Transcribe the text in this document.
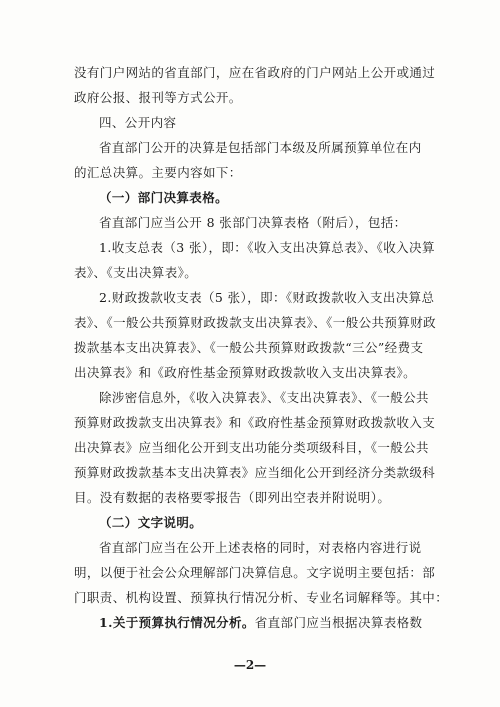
没有门户网站的省直部门，应在省政府的门户网站上公开或通过
政府公报、报刊等方式公开。
四、公开内容
省直部门公开的决算是包括部门本级及所属预算单位在内
的汇总决算。主要内容如下：
（一）部门决算表格。
省直部门应当公开 8 张部门决算表格（附后），包括：
1.收支总表（3 张），即：《收入支出决算总表》、《收入决算
表》、《支出决算表》。
2.财政拨款收支表（5 张），即：《财政拨款收入支出决算总
表》、《一般公共预算财政拨款支出决算表》、《一般公共预算财政
拨款基本支出决算表》、《一般公共预算财政拨款“三公”经费支
出决算表》和《政府性基金预算财政拨款收入支出决算表》。
除涉密信息外，《收入决算表》、《支出决算表》、《一般公共
预算财政拨款支出决算表》和《政府性基金预算财政拨款收入支
出决算表》应当细化公开到支出功能分类项级科目，《一般公共
预算财政拨款基本支出决算表》应当细化公开到经济分类款级科
目。没有数据的表格要零报告（即列出空表并附说明）。
（二）文字说明。
省直部门应当在公开上述表格的同时，对表格内容进行说
明，以便于社会公众理解部门决算信息。文字说明主要包括：部
门职责、机构设置、预算执行情况分析、专业名词解释等。其中：
1.关于预算执行情况分析。省直部门应当根据决算表格数
—2—
